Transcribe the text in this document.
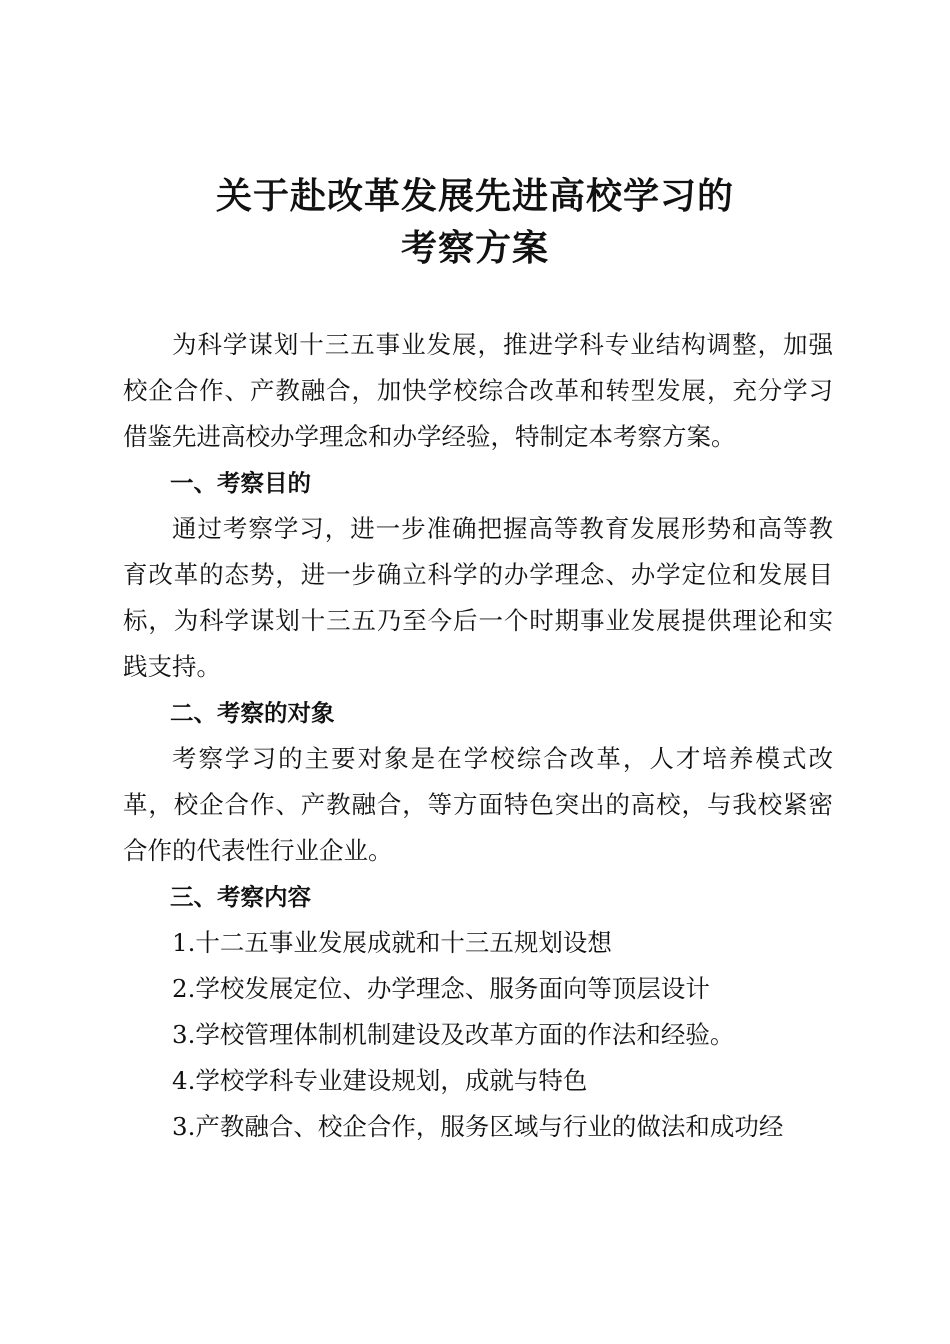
关于赴改革发展先进高校学习的
考察方案

为科学谋划十三五事业发展，推进学科专业结构调整，加强校企合作、产教融合，加快学校综合改革和转型发展，充分学习借鉴先进高校办学理念和办学经验，特制定本考察方案。

一、考察目的

通过考察学习，进一步准确把握高等教育发展形势和高等教育改革的态势，进一步确立科学的办学理念、办学定位和发展目标，为科学谋划十三五乃至今后一个时期事业发展提供理论和实践支持。

二、考察的对象

考察学习的主要对象是在学校综合改革，人才培养模式改革，校企合作、产教融合，等方面特色突出的高校，与我校紧密合作的代表性行业企业。

三、考察内容

1.十二五事业发展成就和十三五规划设想

2.学校发展定位、办学理念、服务面向等顶层设计

3.学校管理体制机制建设及改革方面的作法和经验。

4.学校学科专业建设规划，成就与特色

3.产教融合、校企合作，服务区域与行业的做法和成功经
